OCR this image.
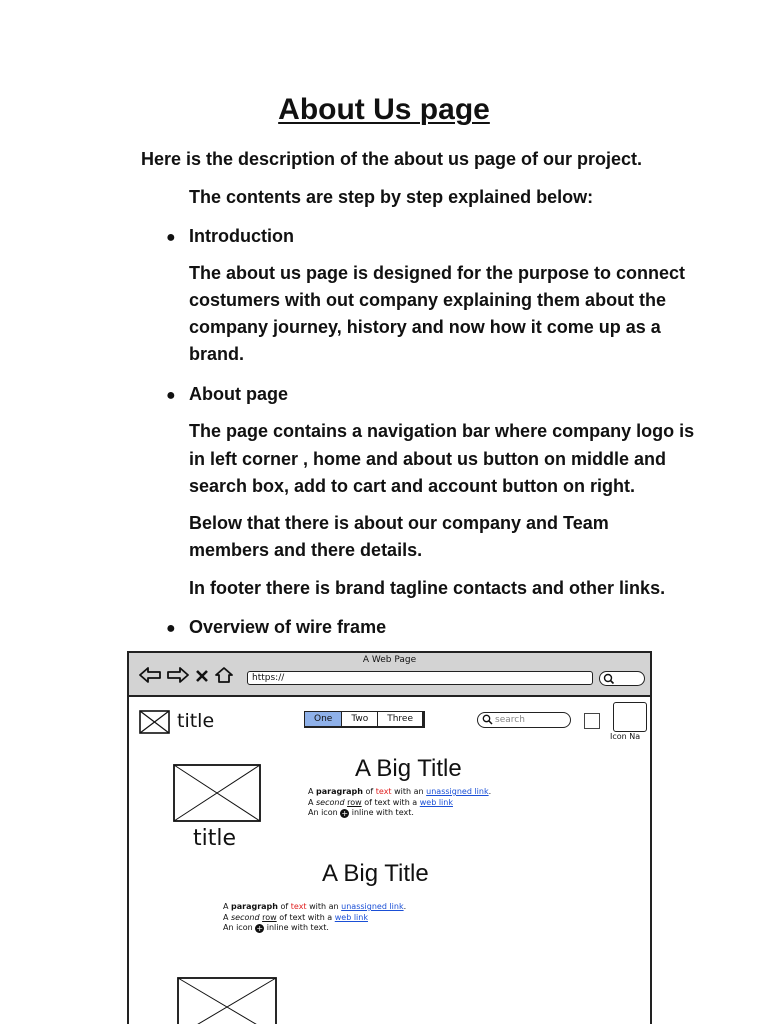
About Us page

Here is the description of the about us page of our project.

The contents are step by step explained below:

● Introduction

The about us page is designed for the purpose to connect

costumers with out company explaining them about the

company journey, history and now how it come up as a

brand.

● About page

The page contains a navigation bar where company logo is

in left corner , home and about us button on middle and

search box, add to cart and account button on right.

Below that there is about our company and Team

members and there details.

In footer there is brand tagline contacts and other links.

● Overview of wire frame

A Web Page
https://
title	One	Two	Three	search
Icon Na
title
A Big Title
A paragraph of text with an unassigned link.
A second row of text with a web link
An icon + inline with text.
A Big Title
A paragraph of text with an unassigned link.
A second row of text with a web link
An icon + inline with text.
